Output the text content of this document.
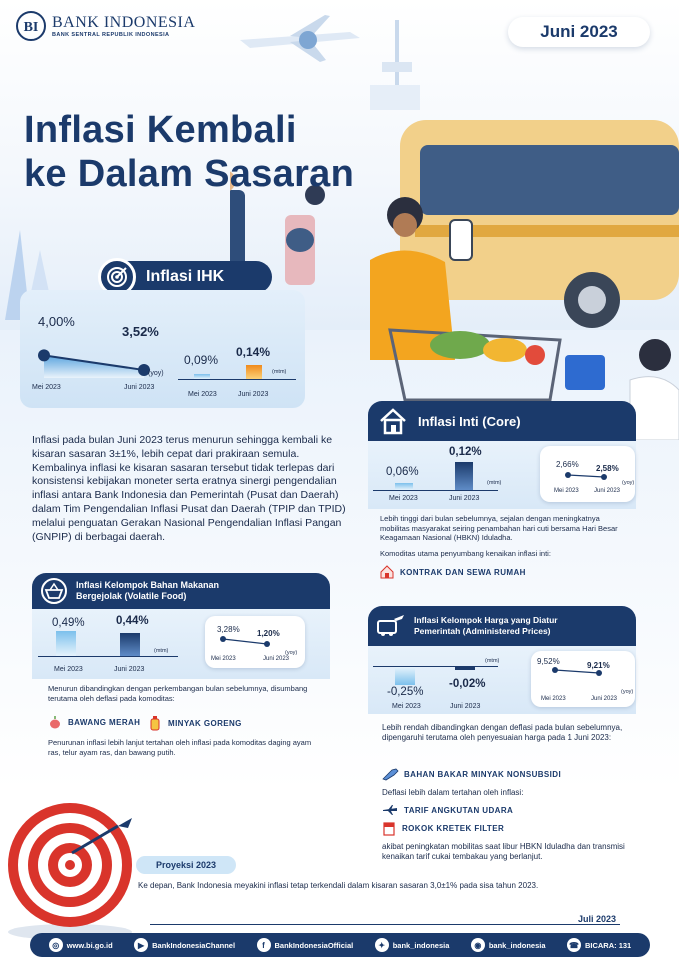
BI BANK INDONESIA
BANK SENTRAL REPUBLIK INDONESIA	Juni 2023
Inflasi Kembali
ke Dalam Sasaran
Inflasi IHK
4,00%
3,52%
(yoy)
Mei 2023	Juni 2023
0,09%
0,14%
(mtm)
Mei 2023	Juni 2023
Inflasi pada bulan Juni 2023 terus menurun sehingga kembali ke kisaran sasaran 3±1%, lebih cepat dari prakiraan semula. Kembalinya inflasi ke kisaran sasaran tersebut tidak terlepas dari konsistensi kebijakan moneter serta eratnya sinergi pengendalian inflasi antara Bank Indonesia dan Pemerintah (Pusat dan Daerah) dalam Tim Pengendalian Inflasi Pusat dan Daerah (TPIP dan TPID) melalui penguatan Gerakan Nasional Pengendalian Inflasi Pangan (GNPIP) di berbagai daerah.
Inflasi Inti (Core)
0,06%
0,12%
(mtm)
Mei 2023	Juni 2023
2,66% 2,58%
(yoy)
Mei 2023	Juni 2023
Lebih tinggi dari bulan sebelumnya, sejalan dengan meningkatnya mobilitas masyarakat seiring penambahan hari cuti bersama Hari Besar Keagamaan Nasional (HBKN) Iduladha.
Komoditas utama penyumbang kenaikan inflasi inti:
KONTRAK DAN SEWA RUMAH
Inflasi Kelompok Bahan Makanan
Bergejolak (Volatile Food)
0,49%	0,44%
(mtm)
Mei 2023	Juni 2023
3,28% 1,20%
(yoy)
Mei 2023	Juni 2023
Menurun dibandingkan dengan perkembangan bulan sebelumnya, disumbang terutama oleh deflasi pada komoditas:
BAWANG MERAH	MINYAK GORENG
Penurunan inflasi lebih lanjut tertahan oleh inflasi pada komoditas daging ayam ras, telur ayam ras, dan bawang putih.
Inflasi Kelompok Harga yang Diatur
Pemerintah (Administered Prices)
(mtm)
-0,25%
-0,02%
9,52%	9,21%
(yoy)
Mei 2023	Juni 2023
Mei 2023	Juni 2023
Lebih rendah dibandingkan dengan deflasi pada bulan sebelumnya, dipengaruhi terutama oleh penyesuaian harga pada 1 Juni 2023:
BAHAN BAKAR MINYAK NONSUBSIDI
Deflasi lebih dalam tertahan oleh inflasi:
TARIF ANGKUTAN UDARA
ROKOK KRETEK FILTER
akibat peningkatan mobilitas saat libur HBKN Iduladha dan transmisi kenaikan tarif cukai tembakau yang berlanjut.
Proyeksi 2023
Ke depan, Bank Indonesia meyakini inflasi tetap terkendali dalam kisaran sasaran 3,0±1% pada sisa tahun 2023.
Juli 2023
◎	www.bi.go.id	▶	BankIndonesiaChannel	f	BankIndonesiaOfficial	✦	bank_indonesia	◉	bank_indonesia	☎ BICARA: 131
